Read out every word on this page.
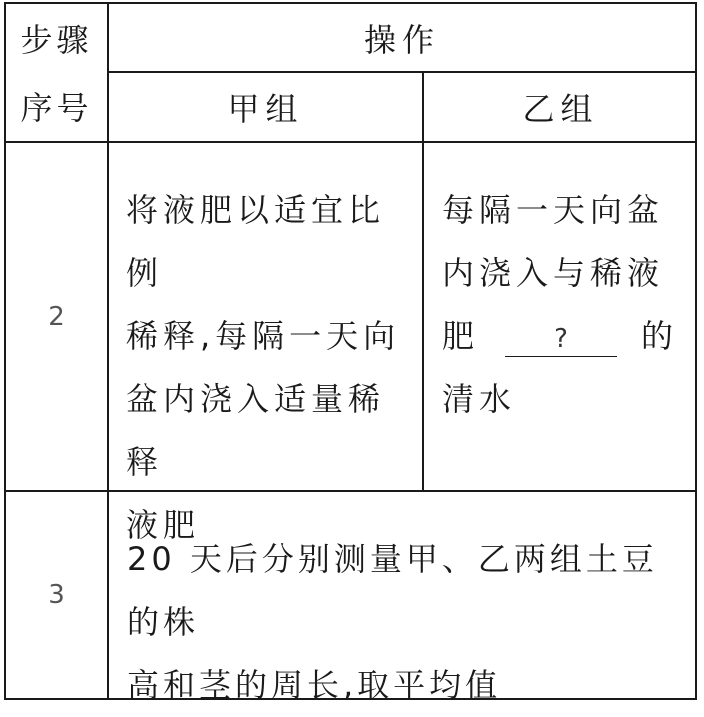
步骤
序号
操作
甲组	乙组
2
将液肥以适宜比例
稀释,每隔一天向
盆内浇入适量稀释
液肥
每隔一天向盆
内浇入与稀液
肥	? 的
清水
3
20 天后分别测量甲、乙两组土豆的株
高和茎的周长,取平均值
